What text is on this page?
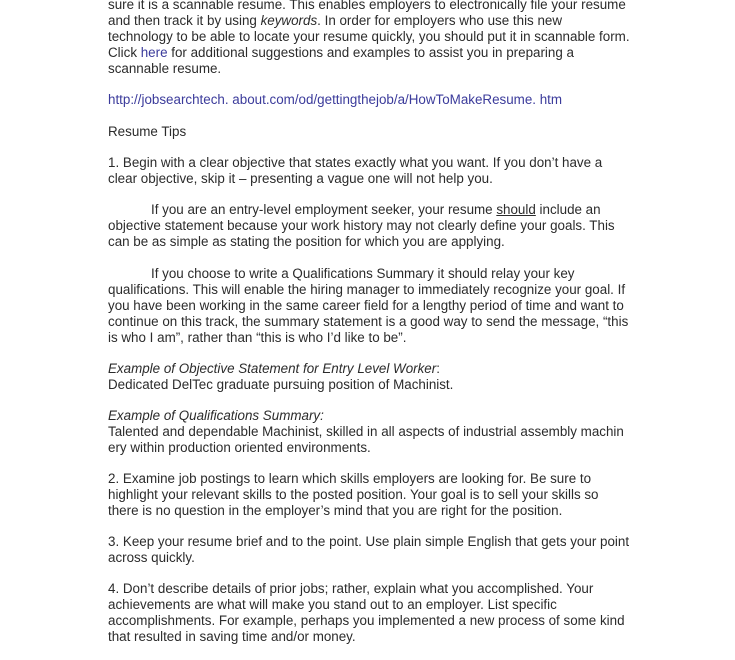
sure it is a scannable resume. This enables employers to electronically file your resume and then track it by using keywords. In order for employers who use this new technology to be able to locate your resume quickly, you should put it in scannable form. Click here for additional suggestions and examples to assist you in preparing a scannable resume.

http://jobsearchtech. about.com/od/gettingthejob/a/HowToMakeResume. htm

Resume Tips

1. Begin with a clear objective that states exactly what you want. If you don’t have a clear objective, skip it – presenting a vague one will not help you.

If you are an entry-level employment seeker, your resume should include an objective statement because your work history may not clearly define your goals. This can be as simple as stating the position for which you are applying.

If you choose to write a Qualifications Summary it should relay your key qualifications. This will enable the hiring manager to immediately recognize your goal. If you have been working in the same career field for a lengthy period of time and want to continue on this track, the summary statement is a good way to send the message, “this is who I am”, rather than “this is who I’d like to be”.

Example of Objective Statement for Entry Level Worker:

Dedicated DelTec graduate pursuing position of Machinist.

Example of Qualifications Summary:

Talented and dependable Machinist, skilled in all aspects of industrial assembly machin ery within production oriented environments.

2. Examine job postings to learn which skills employers are looking for. Be sure to highlight your relevant skills to the posted position. Your goal is to sell your skills so there is no question in the employer’s mind that you are right for the position.

3. Keep your resume brief and to the point. Use plain simple English that gets your point across quickly.

4. Don’t describe details of prior jobs; rather, explain what you accomplished. Your achievements are what will make you stand out to an employer. List specific accomplishments. For example, perhaps you implemented a new process of some kind that resulted in saving time and/or money.
